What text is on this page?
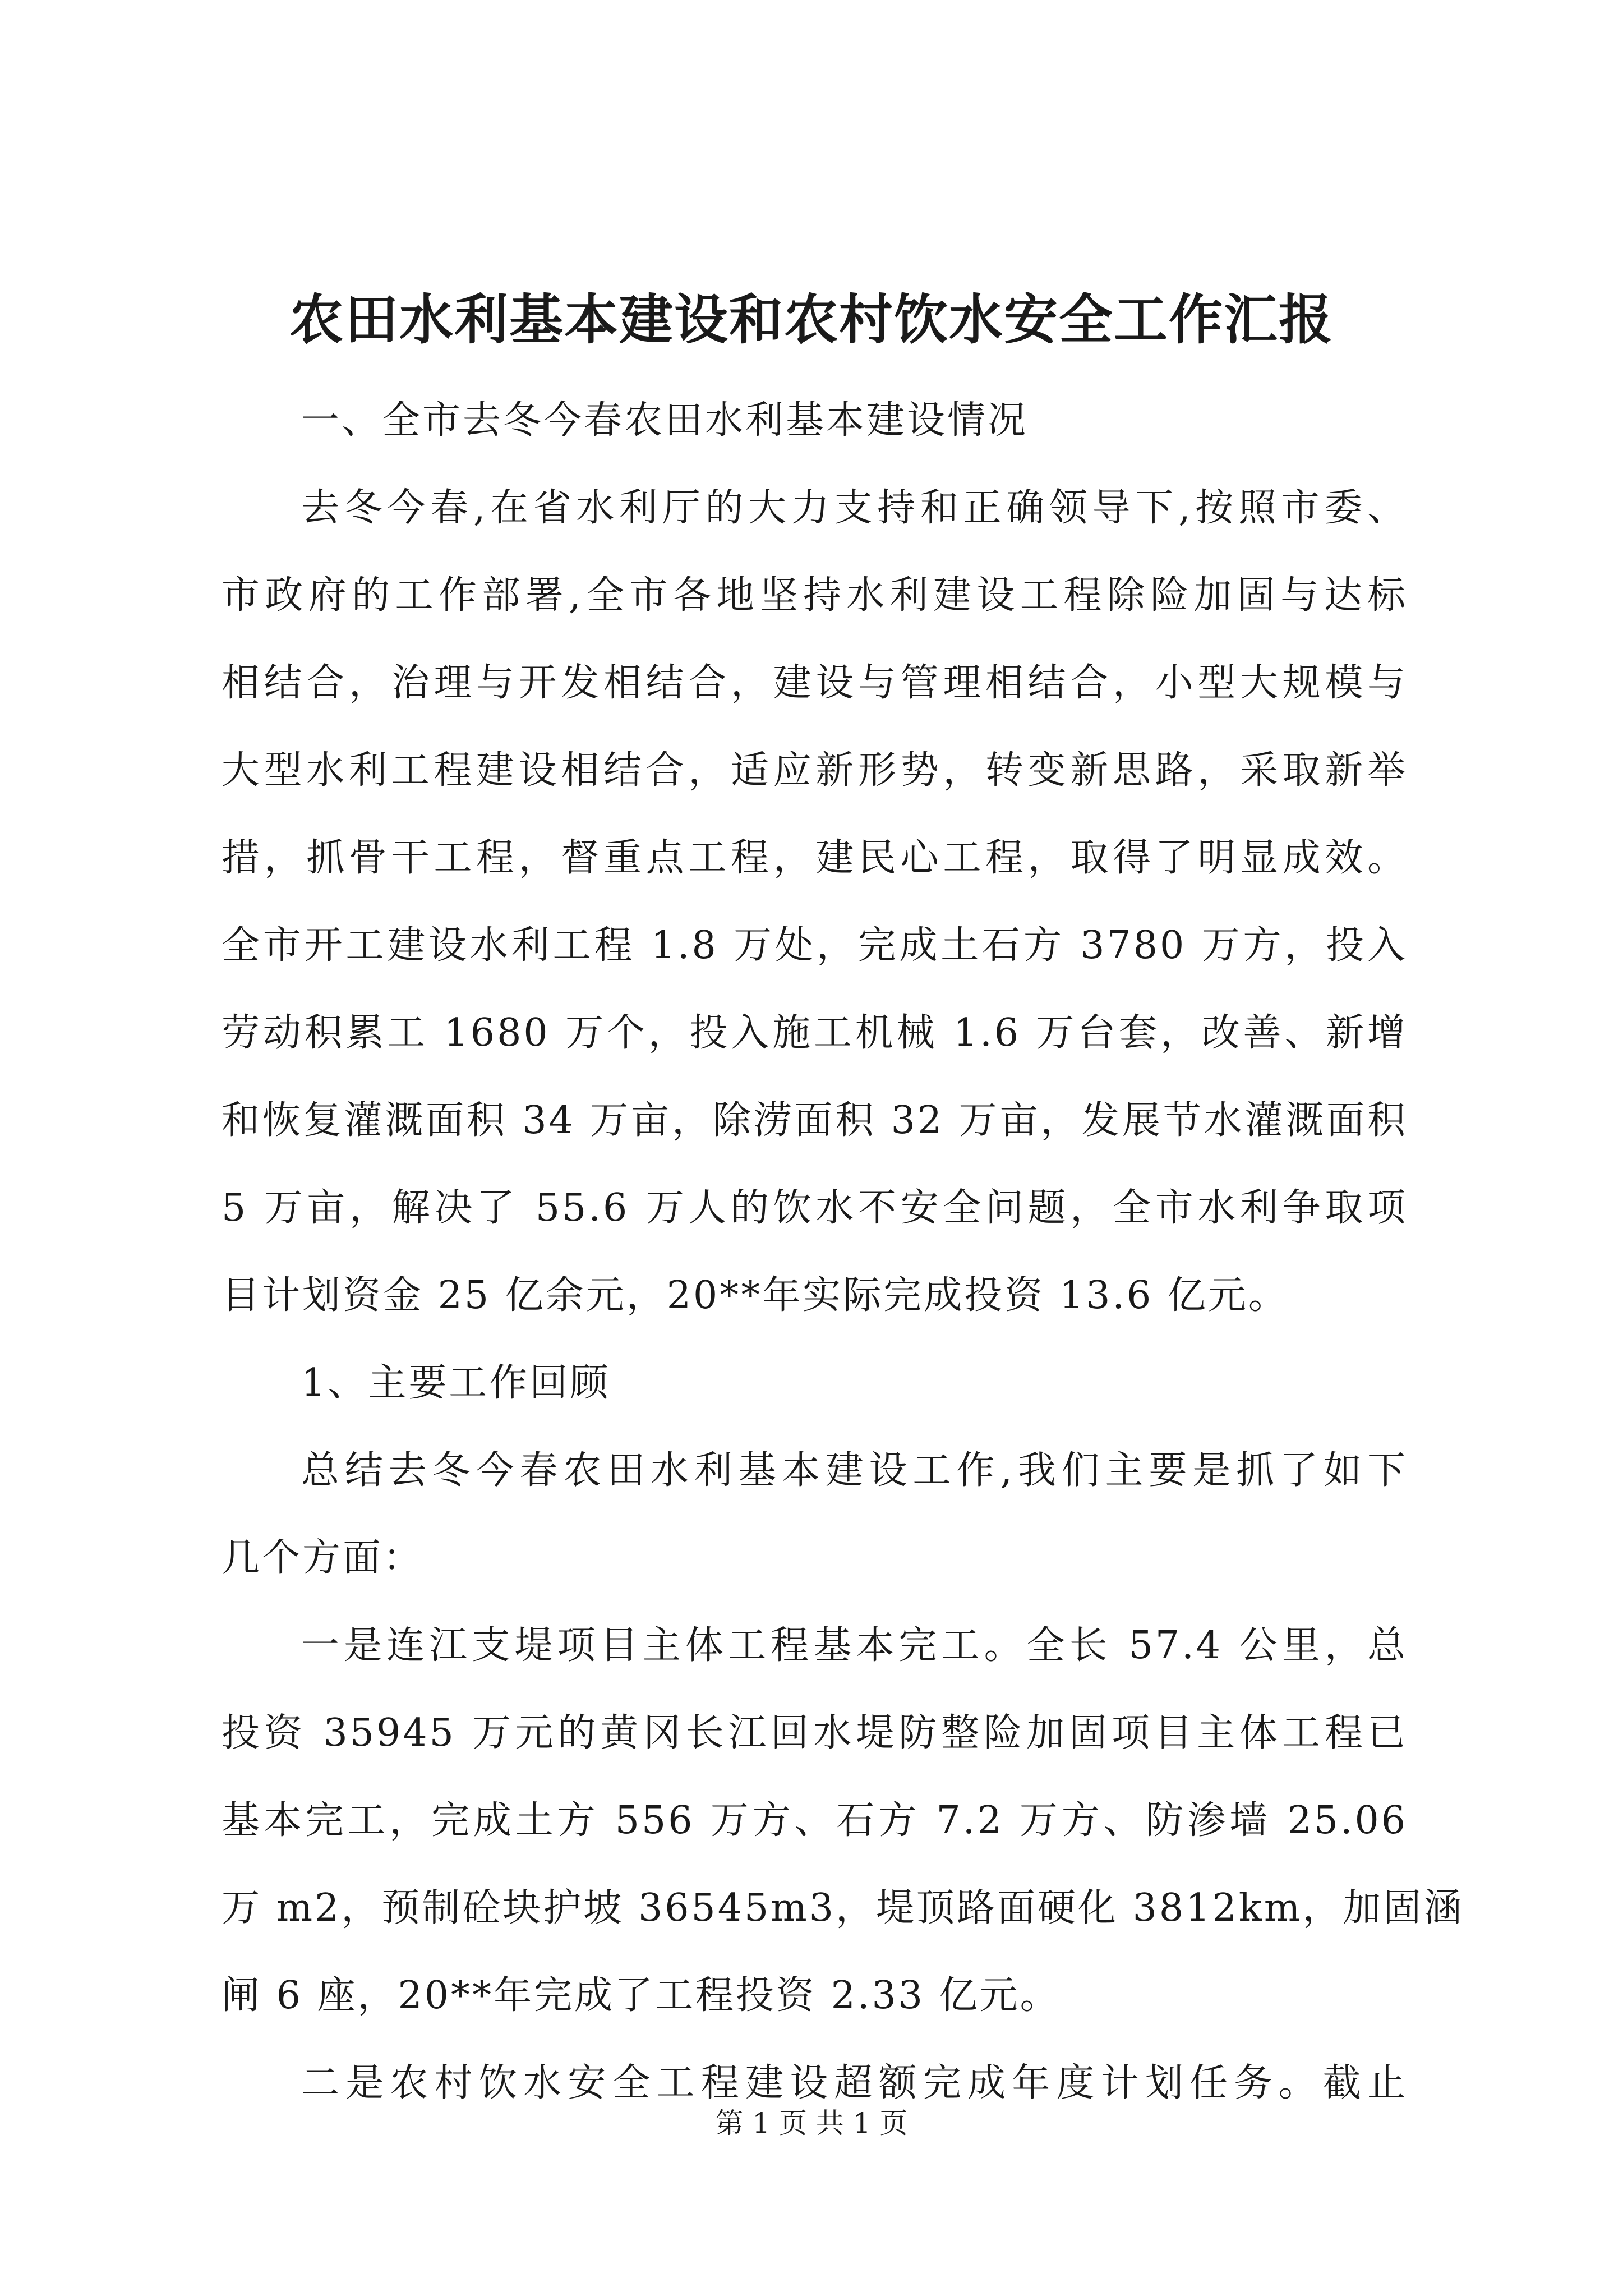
农田水利基本建设和农村饮水安全工作汇报
一、全市去冬今春农田水利基本建设情况
去冬今春,在省水利厅的大力支持和正确领导下,按照市委、
市政府的工作部署,全市各地坚持水利建设工程除险加固与达标
相结合，治理与开发相结合，建设与管理相结合，小型大规模与
大型水利工程建设相结合，适应新形势，转变新思路，采取新举
措，抓骨干工程，督重点工程，建民心工程，取得了明显成效。
全市开工建设水利工程 1.8 万处，完成土石方 3780 万方，投入
劳动积累工 1680 万个，投入施工机械 1.6 万台套，改善、新增
和恢复灌溉面积 34 万亩，除涝面积 32 万亩，发展节水灌溉面积
5 万亩，解决了 55.6 万人的饮水不安全问题，全市水利争取项
目计划资金 25 亿余元，20**年实际完成投资 13.6 亿元。
1、主要工作回顾
总结去冬今春农田水利基本建设工作,我们主要是抓了如下
几个方面：
一是连江支堤项目主体工程基本完工。全长 57.4 公里，总
投资 35945 万元的黄冈长江回水堤防整险加固项目主体工程已
基本完工，完成土方 556 万方、石方 7.2 万方、防渗墙 25.06
万 m2，预制砼块护坡 36545m3，堤顶路面硬化 3812km，加固涵
闸 6 座，20**年完成了工程投资 2.33 亿元。
二是农村饮水安全工程建设超额完成年度计划任务。截止
第 1 页 共 1 页
